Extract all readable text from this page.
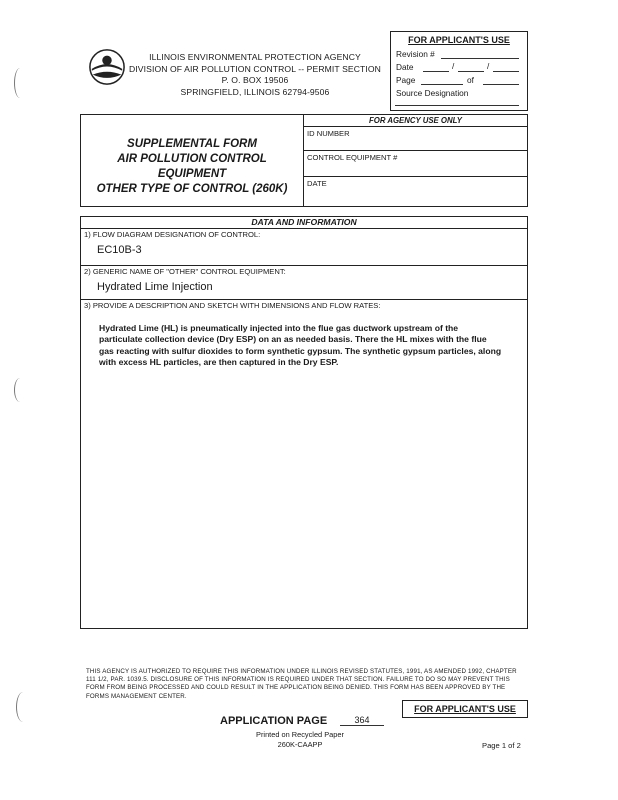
ILLINOIS ENVIRONMENTAL PROTECTION AGENCY
DIVISION OF AIR POLLUTION CONTROL -- PERMIT SECTION
P. O. BOX 19506
SPRINGFIELD, ILLINOIS 62794-9506
FOR APPLICANT'S USE
Revision #
Date	/	/
Page	of
Source Designation
SUPPLEMENTAL FORM
AIR POLLUTION CONTROL
EQUIPMENT
OTHER TYPE OF CONTROL (260K)
FOR AGENCY USE ONLY
ID NUMBER
CONTROL EQUIPMENT #
DATE
DATA AND INFORMATION
1) FLOW DIAGRAM DESIGNATION OF CONTROL:
EC10B-3
2) GENERIC NAME OF "OTHER" CONTROL EQUIPMENT:
Hydrated Lime Injection
3) PROVIDE A DESCRIPTION AND SKETCH WITH DIMENSIONS AND FLOW RATES:
Hydrated Lime (HL) is pneumatically injected into the flue gas ductwork upstream of the particulate collection device (Dry ESP) on an as needed basis. There the HL mixes with the flue gas reacting with sulfur dioxides to form synthetic gypsum. The synthetic gypsum particles, along with excess HL particles, are then captured in the Dry ESP.
THIS AGENCY IS AUTHORIZED TO REQUIRE THIS INFORMATION UNDER ILLINOIS REVISED STATUTES, 1991, AS AMENDED 1992, CHAPTER 111 1/2, PAR. 1039.5. DISCLOSURE OF THIS INFORMATION IS REQUIRED UNDER THAT SECTION. FAILURE TO DO SO MAY PREVENT THIS FORM FROM BEING PROCESSED AND COULD RESULT IN THE APPLICATION BEING DENIED. THIS FORM HAS BEEN APPROVED BY THE FORMS MANAGEMENT CENTER.
FOR APPLICANT'S USE
APPLICATION PAGE	364
Printed on Recycled Paper
260K-CAAPP	Page 1 of 2
